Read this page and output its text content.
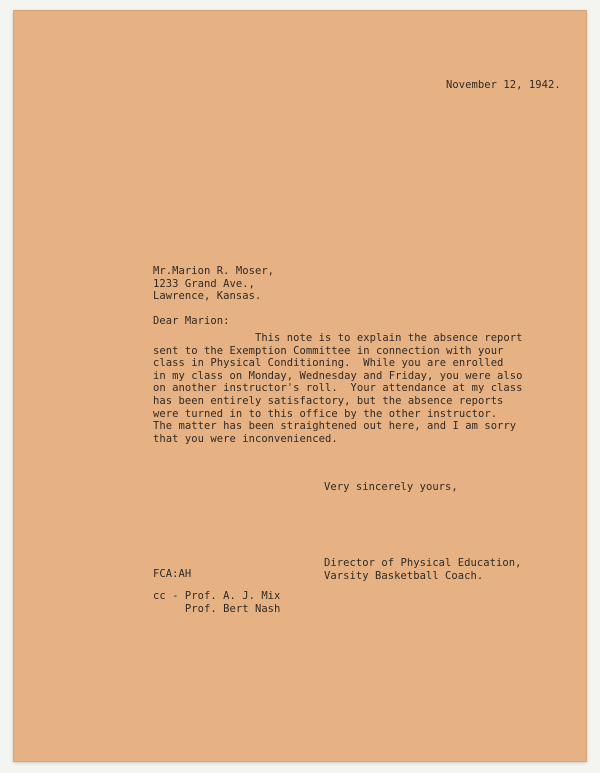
November 12, 1942.

Mr.Marion R. Moser,
1233 Grand Ave.,
Lawrence, Kansas.

Dear Marion:

This note is to explain the absence report
sent to the Exemption Committee in connection with your
class in Physical Conditioning.  While you are enrolled
in my class on Monday, Wednesday and Friday, you were also
on another instructor's roll.  Your attendance at my class
has been entirely satisfactory, but the absence reports
were turned in to this office by the other instructor.
The matter has been straightened out here, and I am sorry
that you were inconvenienced.

Very sincerely yours,

Director of Physical Education,
Varsity Basketball Coach.

FCA:AH

cc - Prof. A. J. Mix
Prof. Bert Nash
